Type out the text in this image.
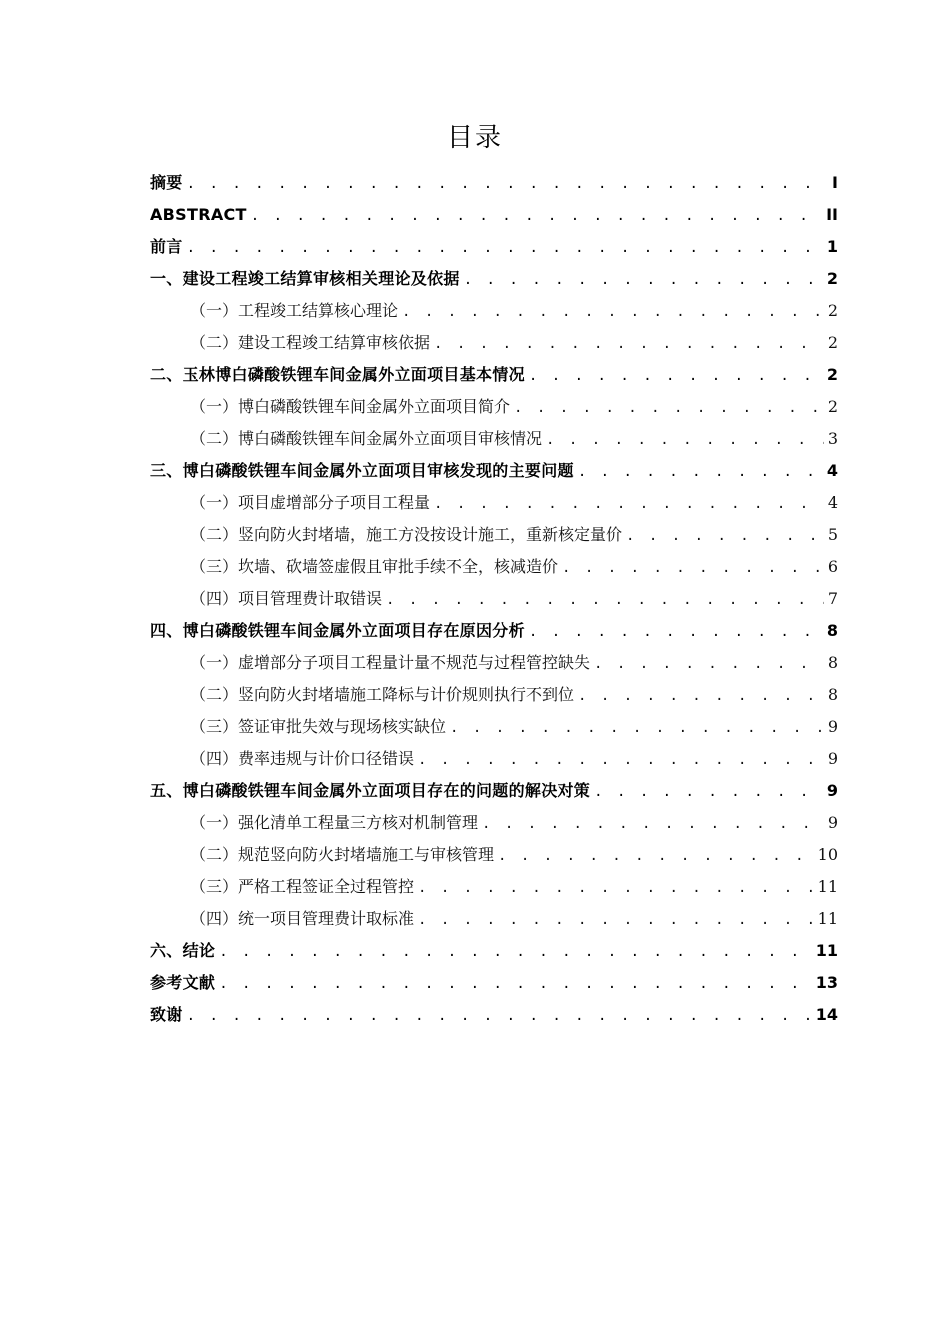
目录
摘要 . . .	I
ABSTRACT . . .	II
前言 . . .	1
一、建设工程竣工结算审核相关理论及依据 . . .	2
（一）工程竣工结算核心理论 . . .	2
（二）建设工程竣工结算审核依据 . . .	2
二、玉林博白磷酸铁锂车间金属外立面项目基本情况 . . .	2
（一）博白磷酸铁锂车间金属外立面项目简介 . . .	2
（二）博白磷酸铁锂车间金属外立面项目审核情况 . . .	3
三、博白磷酸铁锂车间金属外立面项目审核发现的主要问题 . . .	4
（一）项目虚增部分子项目工程量 . . .	4
（二）竖向防火封堵墙，施工方没按设计施工，重新核定量价 . . .	5
（三）坎墙、砍墙签虚假且审批手续不全，核减造价 . . .	6
（四）项目管理费计取错误 . . .	7
四、博白磷酸铁锂车间金属外立面项目存在原因分析 . . .	8
（一）虚增部分子项目工程量计量不规范与过程管控缺失 . . .	8
（二）竖向防火封堵墙施工降标与计价规则执行不到位 . . .	8
（三）签证审批失效与现场核实缺位 . . .	9
（四）费率违规与计价口径错误 . . .	9
五、博白磷酸铁锂车间金属外立面项目存在的问题的解决对策 . . .	9
（一）强化清单工程量三方核对机制管理 . . .	9
（二）规范竖向防火封堵墙施工与审核管理 . . .	10
（三）严格工程签证全过程管控 . . .	11
（四）统一项目管理费计取标准 . . .	11
六、结论 . . .	11
参考文献 . . .	13
致谢 . . .	14
